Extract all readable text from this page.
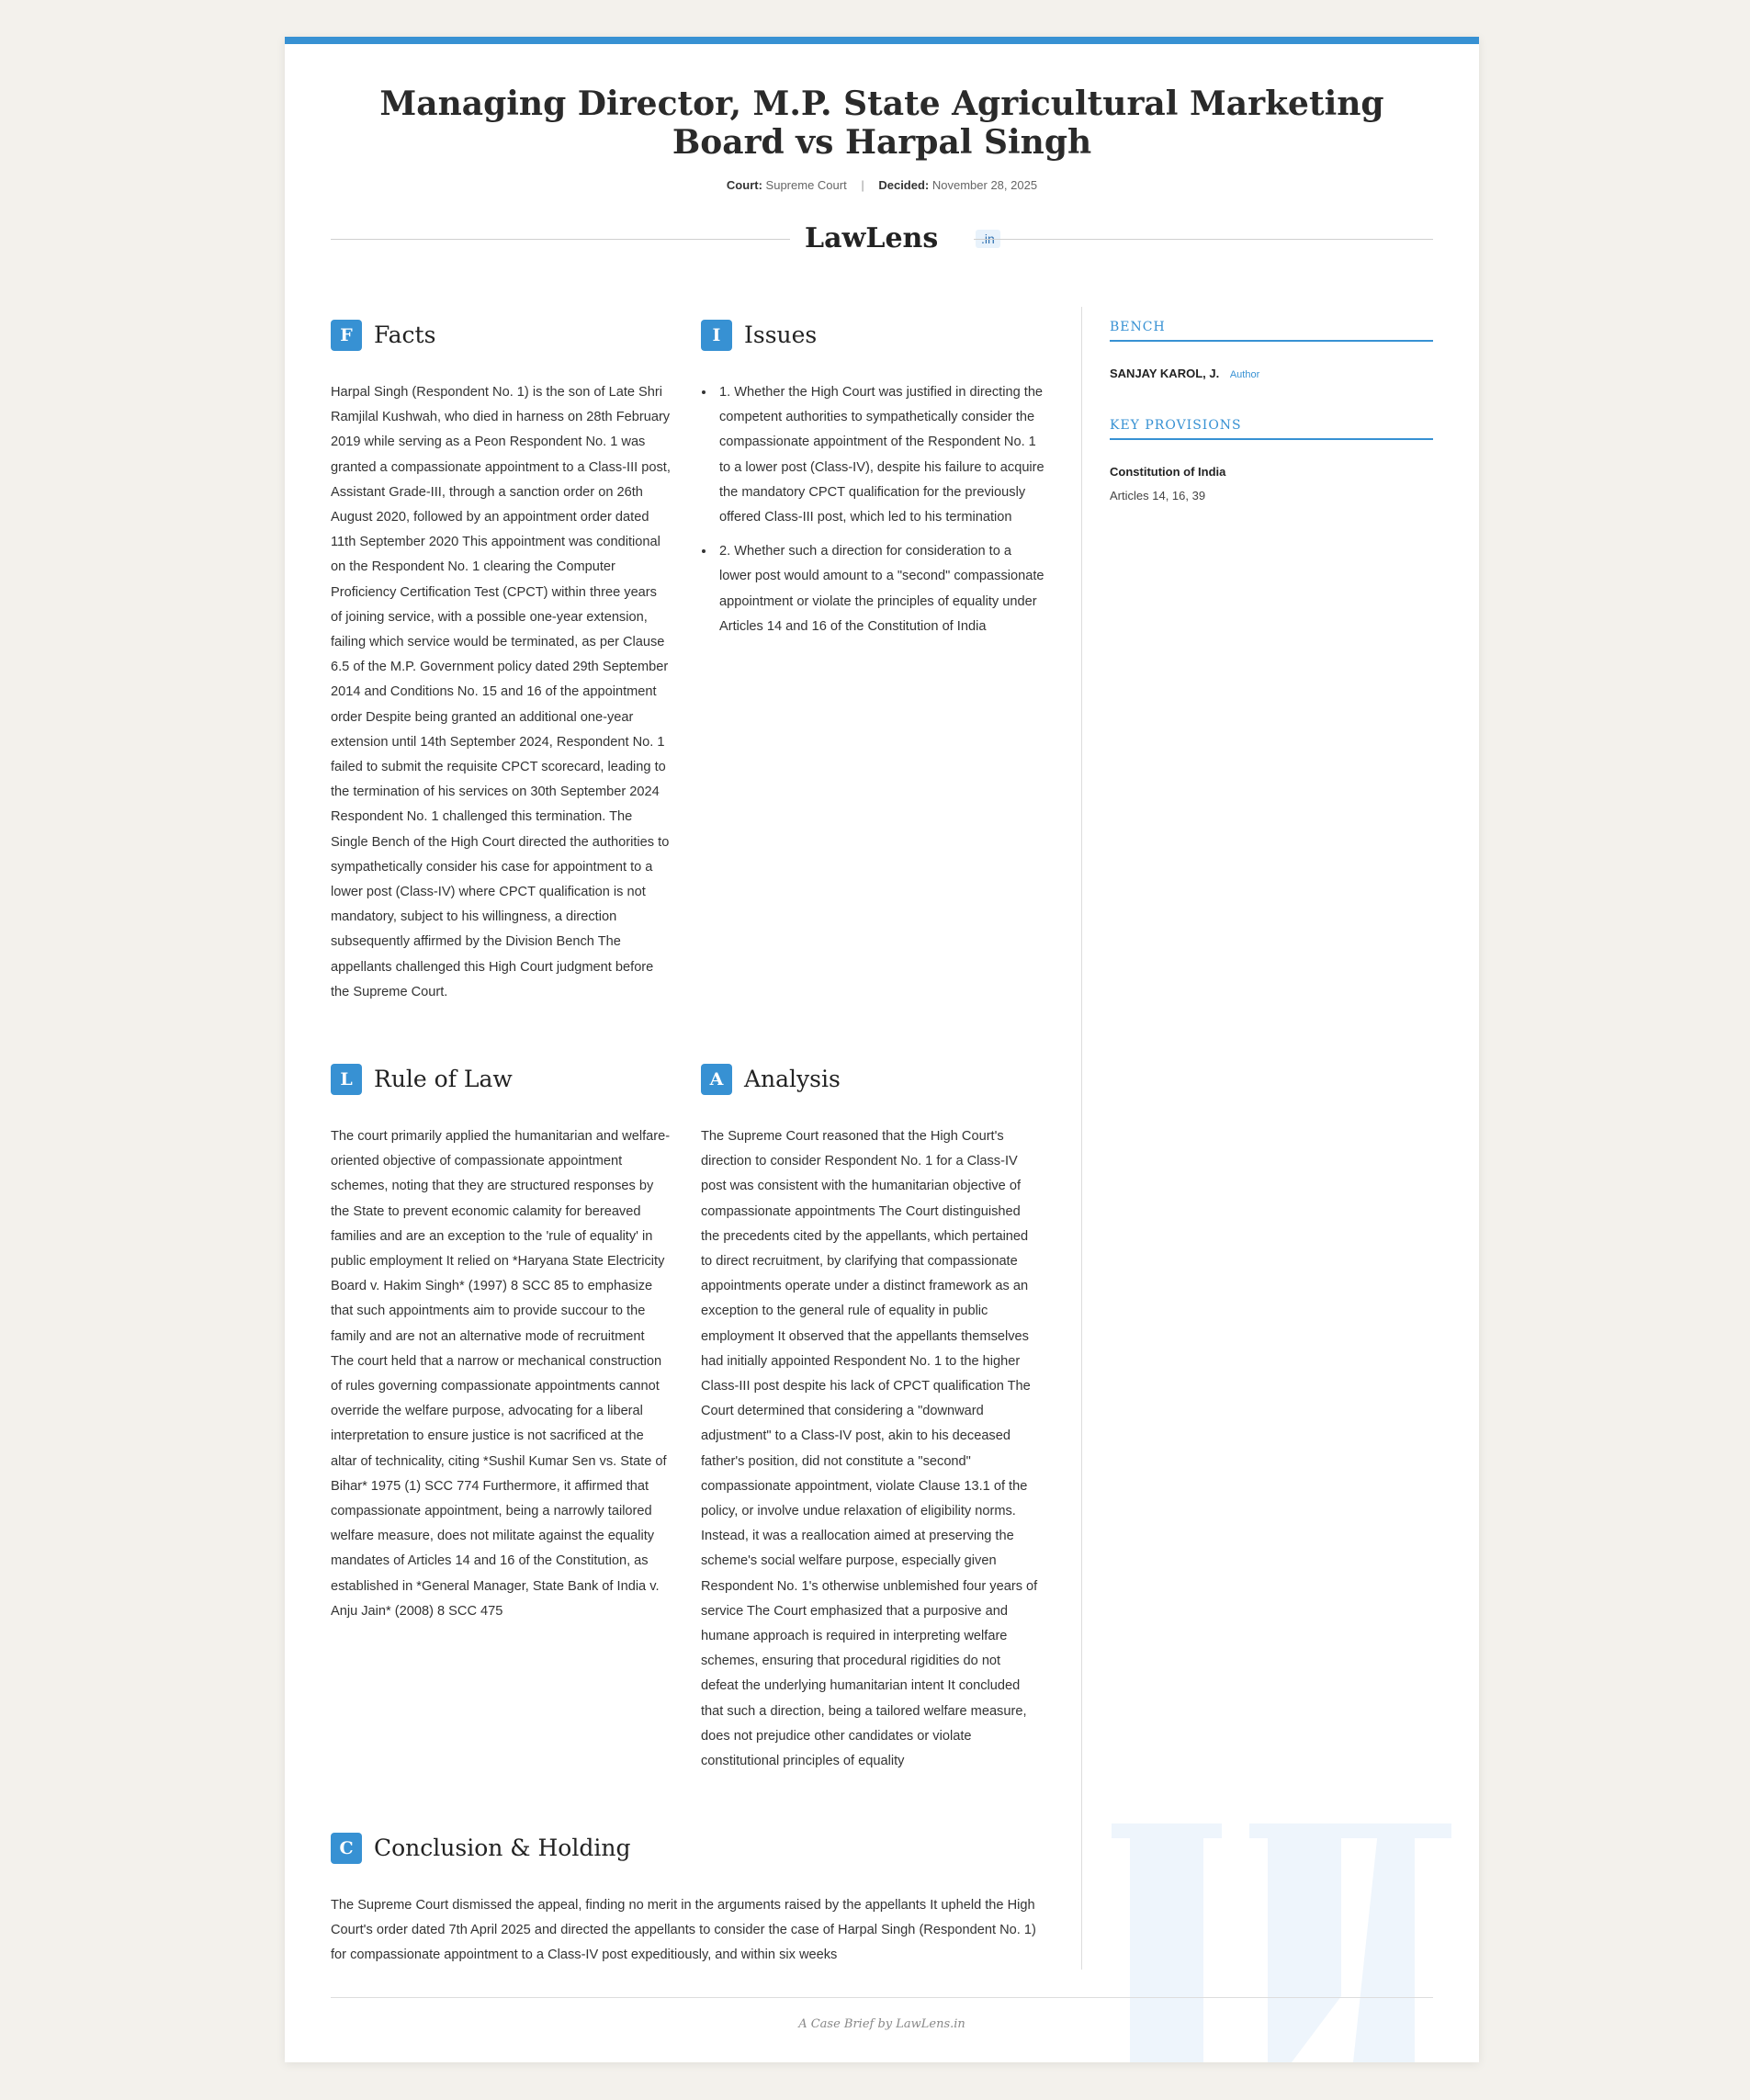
Managing Director, M.P. State Agricultural Marketing Board vs Harpal Singh
Court: Supreme Court | Decided: November 28, 2025
LawLens	.in
F Facts

Harpal Singh (Respondent No. 1) is the son of Late Shri Ramjilal Kushwah, who died in harness on 28th February 2019 while serving as a Peon Respondent No. 1 was granted a compassionate appointment to a Class-III post, Assistant Grade-III, through a sanction order on 26th August 2020, followed by an appointment order dated 11th September 2020 This appointment was conditional on the Respondent No. 1 clearing the Computer Proficiency Certification Test (CPCT) within three years of joining service, with a possible one-year extension, failing which service would be terminated, as per Clause 6.5 of the M.P. Government policy dated 29th September 2014 and Conditions No. 15 and 16 of the appointment order Despite being granted an additional one-year extension until 14th September 2024, Respondent No. 1 failed to submit the requisite CPCT scorecard, leading to the termination of his services on 30th September 2024 Respondent No. 1 challenged this termination. The Single Bench of the High Court directed the authorities to sympathetically consider his case for appointment to a lower post (Class-IV) where CPCT qualification is not mandatory, subject to his willingness, a direction subsequently affirmed by the Division Bench The appellants challenged this High Court judgment before the Supreme Court.

I	Issues
• 1. Whether the High Court was justified in directing the competent authorities to sympathetically consider the compassionate appointment of the Respondent No. 1 to a lower post (Class-IV), despite his failure to acquire the mandatory CPCT qualification for the previously offered Class-III post, which led to his termination
• 2. Whether such a direction for consideration to a lower post would amount to a "second" compassionate appointment or violate the principles of equality under Articles 14 and 16 of the Constitution of India
L Rule of Law

The court primarily applied the humanitarian and welfare-oriented objective of compassionate appointment schemes, noting that they are structured responses by the State to prevent economic calamity for bereaved families and are an exception to the 'rule of equality' in public employment It relied on *Haryana State Electricity Board v. Hakim Singh* (1997) 8 SCC 85 to emphasize that such appointments aim to provide succour to the family and are not an alternative mode of recruitment The court held that a narrow or mechanical construction of rules governing compassionate appointments cannot override the welfare purpose, advocating for a liberal interpretation to ensure justice is not sacrificed at the altar of technicality, citing *Sushil Kumar Sen vs. State of Bihar* 1975 (1) SCC 774 Furthermore, it affirmed that compassionate appointment, being a narrowly tailored welfare measure, does not militate against the equality mandates of Articles 14 and 16 of the Constitution, as established in *General Manager, State Bank of India v. Anju Jain* (2008) 8 SCC 475

A Analysis

The Supreme Court reasoned that the High Court's direction to consider Respondent No. 1 for a Class-IV post was consistent with the humanitarian objective of compassionate appointments The Court distinguished the precedents cited by the appellants, which pertained to direct recruitment, by clarifying that compassionate appointments operate under a distinct framework as an exception to the general rule of equality in public employment It observed that the appellants themselves had initially appointed Respondent No. 1 to the higher Class-III post despite his lack of CPCT qualification The Court determined that considering a "downward adjustment" to a Class-IV post, akin to his deceased father's position, did not constitute a "second" compassionate appointment, violate Clause 13.1 of the policy, or involve undue relaxation of eligibility norms. Instead, it was a reallocation aimed at preserving the scheme's social welfare purpose, especially given Respondent No. 1's otherwise unblemished four years of service The Court emphasized that a purposive and humane approach is required in interpreting welfare schemes, ensuring that procedural rigidities do not defeat the underlying humanitarian intent It concluded that such a direction, being a tailored welfare measure, does not prejudice other candidates or violate constitutional principles of equality

C Conclusion & Holding

The Supreme Court dismissed the appeal, finding no merit in the arguments raised by the appellants It upheld the High Court's order dated 7th April 2025 and directed the appellants to consider the case of Harpal Singh (Respondent No. 1) for compassionate appointment to a Class-IV post expeditiously, and within six weeks

BENCH
SANJAY KAROL, J. Author
KEY PROVISIONS
Constitution of India
Articles 14, 16, 39
A Case Brief by LawLens.in
